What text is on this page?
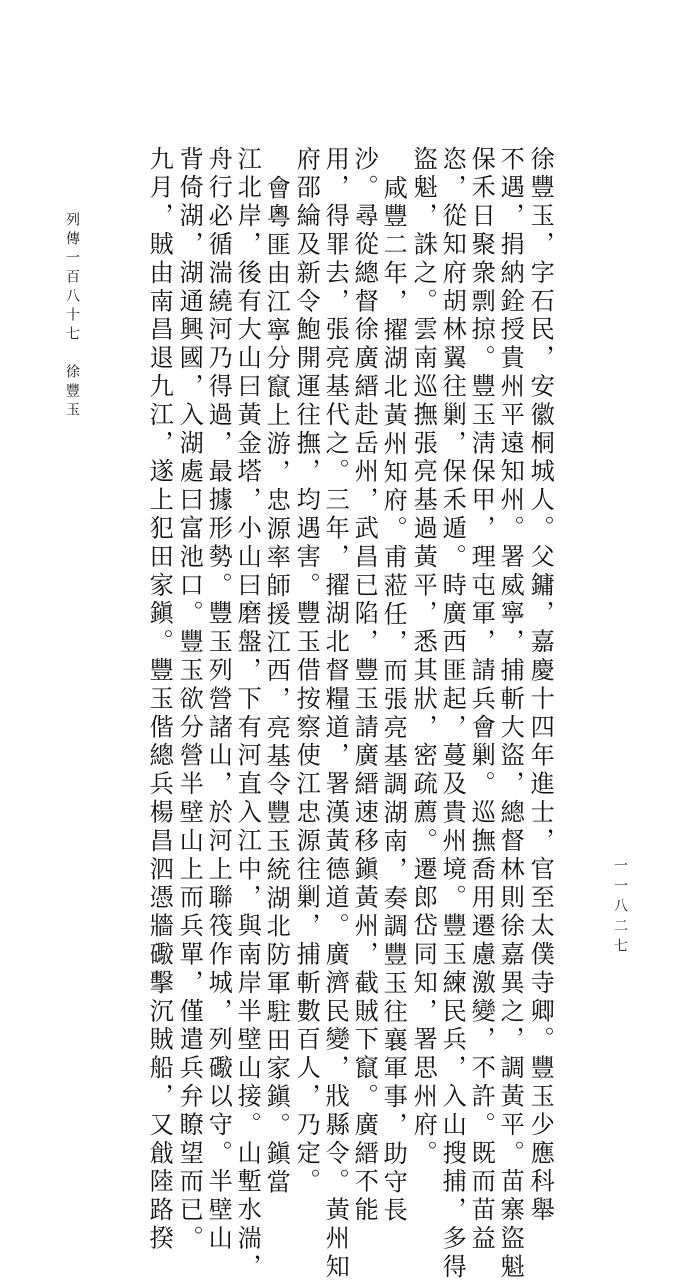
列傳一百八十七　徐豐玉
一一八二七
徐豐玉，字石民，安徽桐城人。父鏞，嘉慶十四年進士，官至太僕寺卿。豐玉少應科舉
不遇，捐納銓授貴州平遠知州。署威寧，捕斬大盜，總督林則徐嘉異之，調黃平。苗寨盜魁
保禾日聚衆剽掠。豐玉淸保甲，理屯軍，請兵會剿。巡撫喬用遷慮激變，不許。既而苗益
恣，從知府胡林翼往剿，保禾遁。時廣西匪起，蔓及貴州境。豐玉練民兵，入山搜捕，多得
盜魁，誅之。雲南巡撫張亮基過黃平，悉其狀，密疏薦。遷郎岱同知，署思州府。
咸豐二年，擢湖北黃州知府。甫蒞任，而張亮基調湖南，奏調豐玉往襄軍事，助守長
沙。尋從總督徐廣縉赴岳州，武昌已陷，豐玉請廣縉速移鎭黃州，截賊下竄。廣縉不能
用，得罪去，張亮基代之。三年，擢湖北督糧道，署漢黃德道。廣濟民變，戕縣令。黃州知
府邵綸及新令鮑開運往撫，均遇害。豐玉借按察使江忠源往剿，捕斬數百人，乃定。
會粵匪由江寧分竄上游，忠源率師援江西，亮基令豐玉統湖北防軍駐田家鎭。鎭當
江北岸，後有大山曰黃金塔，小山曰磨盤，下有河直入江中，與南岸半壁山接。山塹水湍，
舟行必循湍繞河乃得過，最據形勢。豐玉列營諸山，於河上聯筏作城，列礮以守。半壁山
背倚湖，湖通興國，入湖處曰富池口。豐玉欲分營半壁山上而兵單，僅遣兵弁瞭望而已。
九月，賊由南昌退九江，遂上犯田家鎭。豐玉偕總兵楊昌泗憑牆礮擊沉賊船，又戧陸路揆
